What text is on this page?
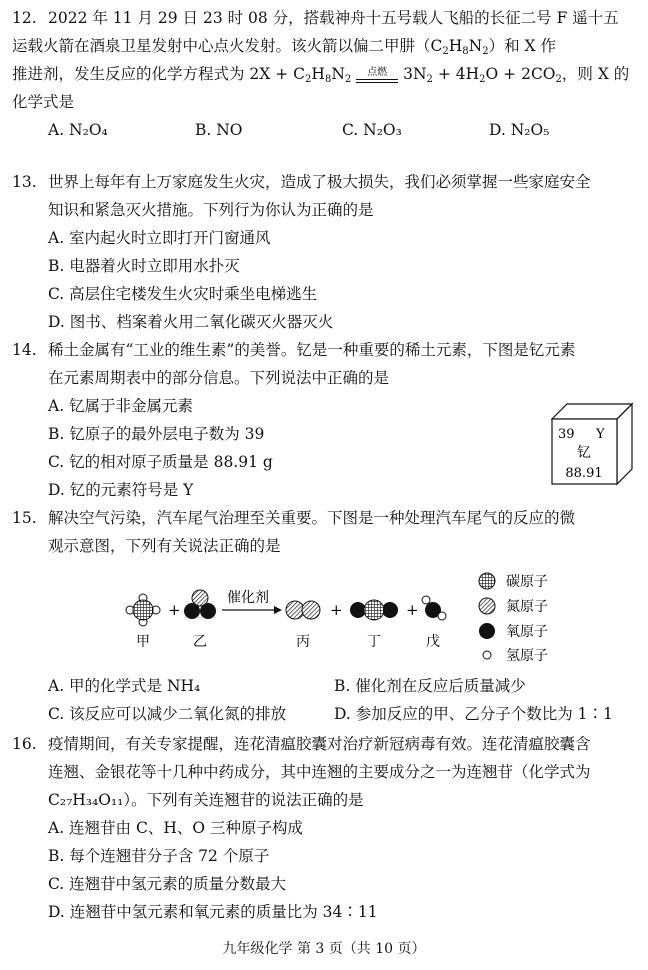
12. 2022 年 11 月 29 日 23 时 08 分，搭载神舟十五号载人飞船的长征二号 F 遥十五
运载火箭在酒泉卫星发射中心点火发射。该火箭以偏二甲肼$(C_2H_8N_2)$和 X 作
推进剂，发生反应的化学方程式为 $2X + C_2H_8N_2$
点燃 $3N_2 + 4H_2O + 2CO_2$，则 X 的
化学式是
A. N₂O₄	B. NO	C. N₂O₃	D. N₂O₅
13. 世界上每年有上万家庭发生火灾，造成了极大损失，我们必须掌握一些家庭安全
知识和紧急灭火措施。下列行为你认为正确的是
A. 室内起火时立即打开门窗通风
B. 电器着火时立即用水扑灭
C. 高层住宅楼发生火灾时乘坐电梯逃生
D. 图书、档案着火用二氧化碳灭火器灭火
14. 稀土金属有“工业的维生素”的美誉。钇是一种重要的稀土元素，下图是钇元素
在元素周期表中的部分信息。下列说法中正确的是
A. 钇属于非金属元素
B. 钇原子的最外层电子数为 39
C. 钇的相对原子质量是 88.91 g
D. 钇的元素符号是 Y
39 Y
钇
88.91
15. 解决空气污染，汽车尾气治理至关重要。下图是一种处理汽车尾气的反应的微
观示意图，下列有关说法正确的是
甲
+
乙
催化剂
丙
+
丁
+
戊
碳原子
氮原子
氧原子
氢原子
A. 甲的化学式是 NH₄	B. 催化剂在反应后质量减少
C. 该反应可以减少二氧化氮的排放	D. 参加反应的甲、乙分子个数比为 1∶1
16. 疫情期间，有关专家提醒，连花清瘟胶囊对治疗新冠病毒有效。连花清瘟胶囊含
连翘、金银花等十几种中药成分，其中连翘的主要成分之一为连翘苷（化学式为
C₂₇H₃₄O₁₁）。下列有关连翘苷的说法正确的是
A. 连翘苷由 C、H、O 三种原子构成
B. 每个连翘苷分子含 72 个原子
C. 连翘苷中氢元素的质量分数最大
D. 连翘苷中氢元素和氧元素的质量比为 34∶11
九年级化学 第 3 页（共 10 页）
